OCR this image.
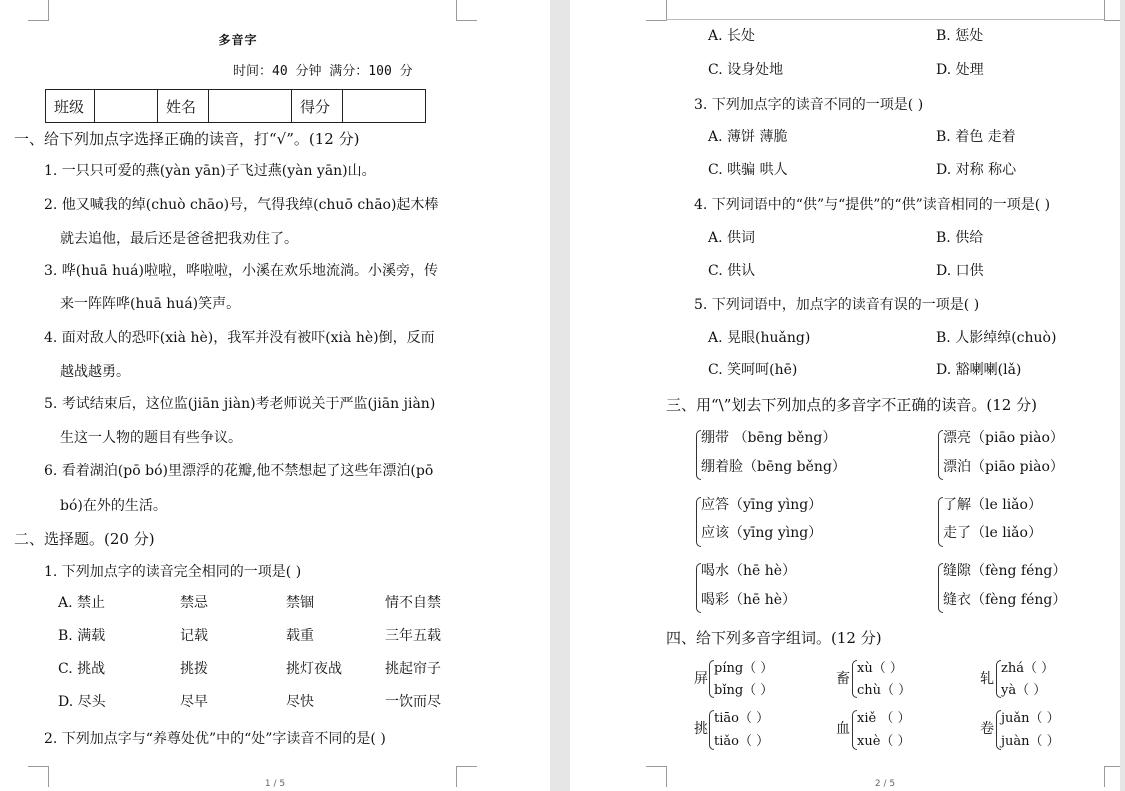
多音字
时间：40 分钟 满分：100 分
班级		姓名		得分	
一、给下列加点字选择正确的读音，打“√”。(12 分)
1. 一只只可爱的燕(yàn yān)子飞过燕(yàn yān)山。
2. 他又喊我的绰(chuò chāo)号，气得我绰(chuō chāo)起木棒
就去追他，最后还是爸爸把我劝住了。
3. 哗(huā huá)啦啦，哗啦啦，小溪在欢乐地流淌。小溪旁，传
来一阵阵哗(huā huá)笑声。
4. 面对敌人的恐吓(xià hè)，我军并没有被吓(xià hè)倒，反而
越战越勇。
5. 考试结束后，这位监(jiān jiàn)考老师说关于严监(jiān jiàn)
生这一人物的题目有些争议。
6. 看着湖泊(pō bó)里漂浮的花瓣,他不禁想起了这些年漂泊(pō
bó)在外的生活。
二、选择题。(20 分)
1. 下列加点字的读音完全相同的一项是( )
A. 禁止	禁忌	禁锢	情不自禁
B. 满载	记载	载重	三年五载
C. 挑战	挑拨	挑灯夜战	挑起帘子
D. 尽头	尽早	尽快	一饮而尽
2. 下列加点字与“养尊处优”中的“处”字读音不同的是( )
1 / 5
A. 长处	B. 惩处
C. 设身处地	D. 处理
3. 下列加点字的读音不同的一项是( )
A. 薄饼 薄脆	B. 着色 走着
C. 哄骗 哄人	D. 对称 称心
4. 下列词语中的“供”与“提供”的“供”读音相同的一项是( )
A. 供词	B. 供给
C. 供认	D. 口供
5. 下列词语中，加点字的读音有误的一项是( )
A. 晃眼(huǎng)	B. 人影绰绰(chuò)
C. 笑呵呵(hē)	D. 豁喇喇(lǎ)
三、用“\”划去下列加点的多音字不正确的读音。(12 分)
绷带 （bēng běng）
绷着脸（bēng běng）
漂亮（piāo piào）
漂泊（piāo piào）
应答（yīng yìng）
应该（yīng yìng）
了解（le liǎo）
走了（le liǎo）
喝水（hē hè）
喝彩（hē hè）
缝隙（fèng féng）
缝衣（fèng féng）
四、给下列多音字组词。(12 分)
屏
píng（ ）
bǐng（ ）
畜
xù（ ）
chù（ ）
轧
zhá（ ）
yà（ ）
挑
tiāo（ ）
tiǎo（ ）
血
xiě （ ）
xuè（ ）
卷
juǎn（ ）
juàn（ ）
2 / 5
